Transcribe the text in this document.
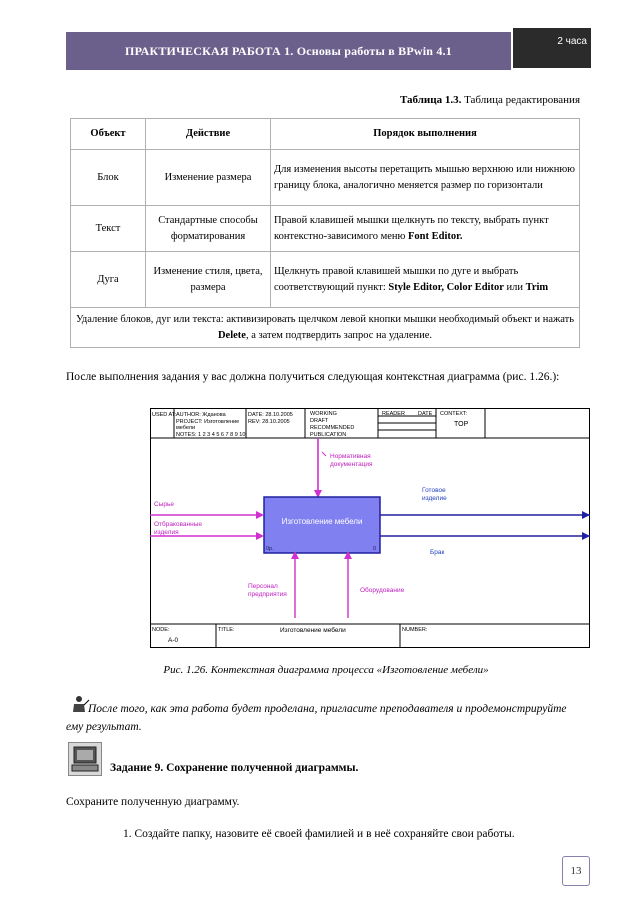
ПРАКТИЧЕСКАЯ РАБОТА 1. Основы работы в BPwin 4.1
2 часа
Таблица 1.3. Таблица редактирования
Объект	Действие	Порядок выполнения
Блок	Изменение размера	Для изменения высоты перетащить мышью верхнюю или нижнюю границу блока, аналогично меняется размер по горизонтали
Текст	Стандартные способы форматирования	Правой клавишей мышки щелкнуть по тексту, выбрать пункт контекстно-зависимого меню Font Editor.
Дуга	Изменение стиля, цвета, размера	Щелкнуть правой клавишей мышки по дуге и выбрать соответствующий пункт: Style Editor, Color Editor или Trim
Удаление блоков, дуг или текста: активизировать щелчком левой кнопки мышки необходимый объект и нажать Delete, а затем подтвердить запрос на удаление.		
После выполнения задания у вас должна получиться следующая контекстная диаграмма (рис. 1.26.):
USED AT: AUTHOR: Жданова
PROJECT: Изготовление
мебели
NOTES: 1 2 3 4 5 6 7 8 9 10
DATE: 28.10.2005
REV: 28.10.2005
WORKING
DRAFT
RECOMMENDED
PUBLICATION
READER DATE CONTEXT:
TOP
Нормативная
документация
Изготовление мебели
0р.	0
Сырье
Отбракованные
изделия
Готовое
изделие
Брак
Персонал
предприятия
Оборудование
NODE:
A-0
TITLE:	Изготовление мебели	NUMBER:
Рис. 1.26. Контекстная диаграмма процесса «Изготовление мебели»
После того, как эта работа будет проделана, пригласите преподавателя и продемонстрируйте ему результат.
Задание 9. Сохранение полученной диаграммы.
Сохраните полученную диаграмму.
1. Создайте папку, назовите её своей фамилией и в неё сохраняйте свои работы.
13
